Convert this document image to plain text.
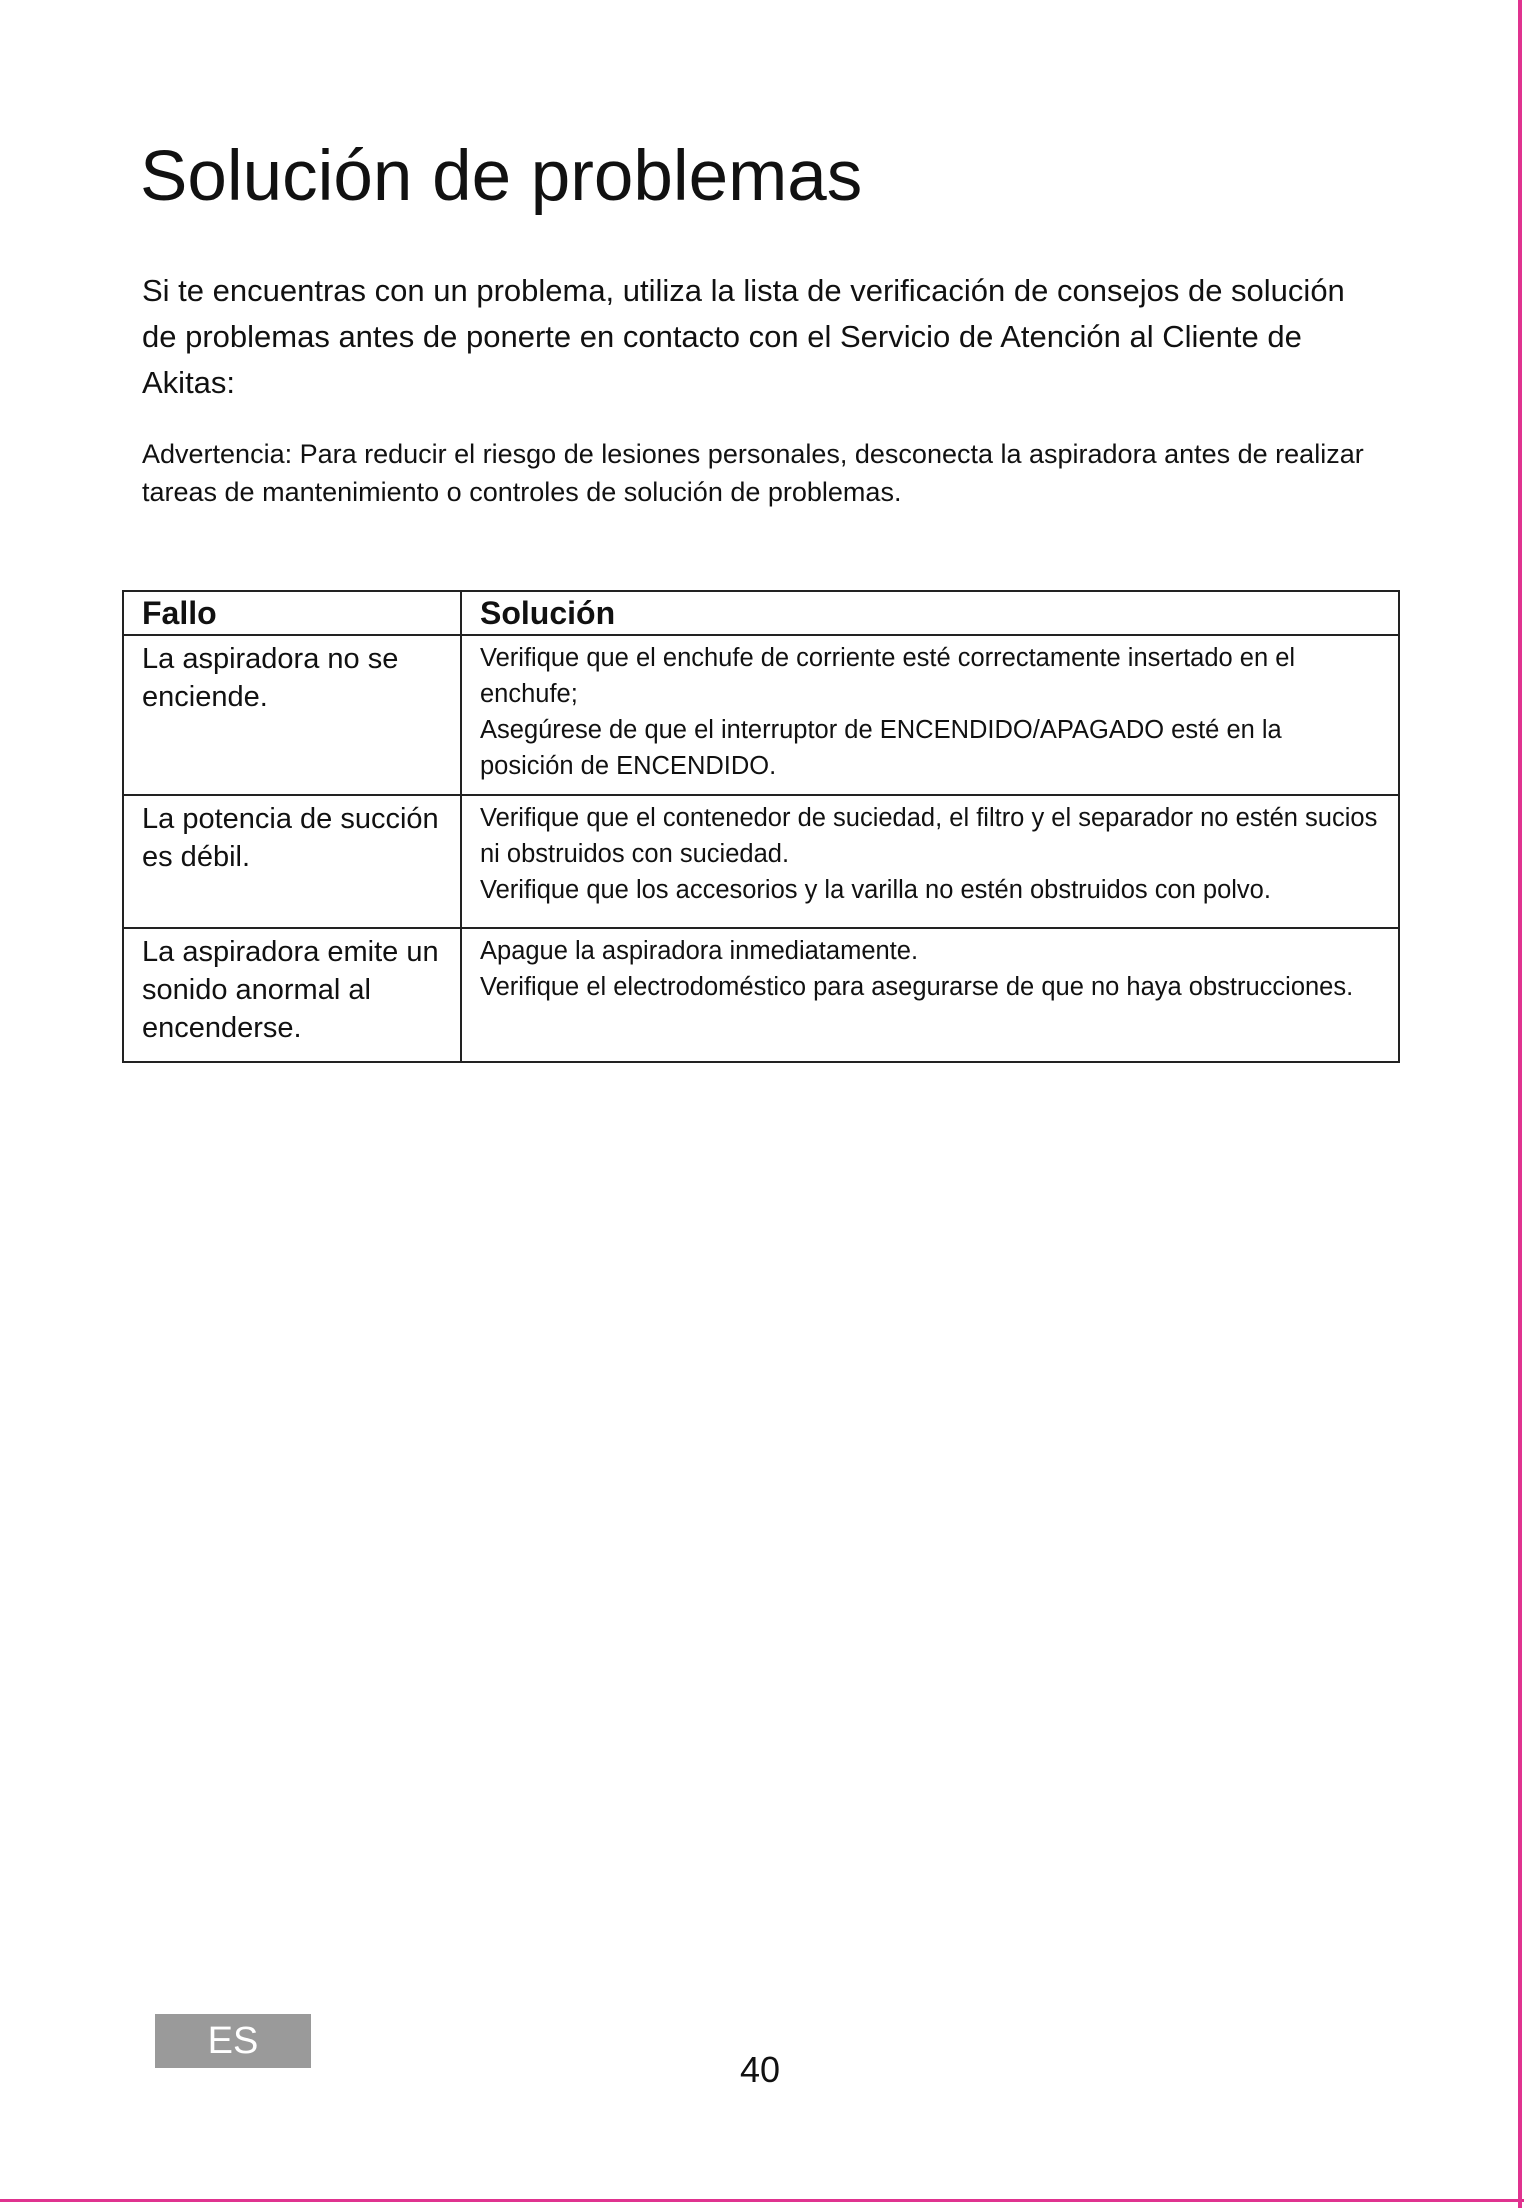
Solución de problemas

Si te encuentras con un problema, utiliza la lista de verificación de consejos de solución de problemas antes de ponerte en contacto con el Servicio de Atención al Cliente de Akitas:

Advertencia: Para reducir el riesgo de lesiones personales, desconecta la aspiradora antes de realizar tareas de mantenimiento o controles de solución de problemas.

Fallo	Solución
La aspiradora no se enciende.	Verifique que el enchufe de corriente esté correctamente insertado en el enchufe;
Asegúrese de que el interruptor de ENCENDIDO/APAGADO esté en la posición de ENCENDIDO.

La potencia de succión es débil.	Verifique que el contenedor de suciedad, el filtro y el separador no estén sucios ni obstruidos con suciedad.
Verifique que los accesorios y la varilla no estén obstruidos con polvo.

La aspiradora emite un sonido anormal al encenderse.	Apague la aspiradora inmediatamente.
Verifique el electrodoméstico para asegurarse de que no haya obstrucciones.
ES
40
